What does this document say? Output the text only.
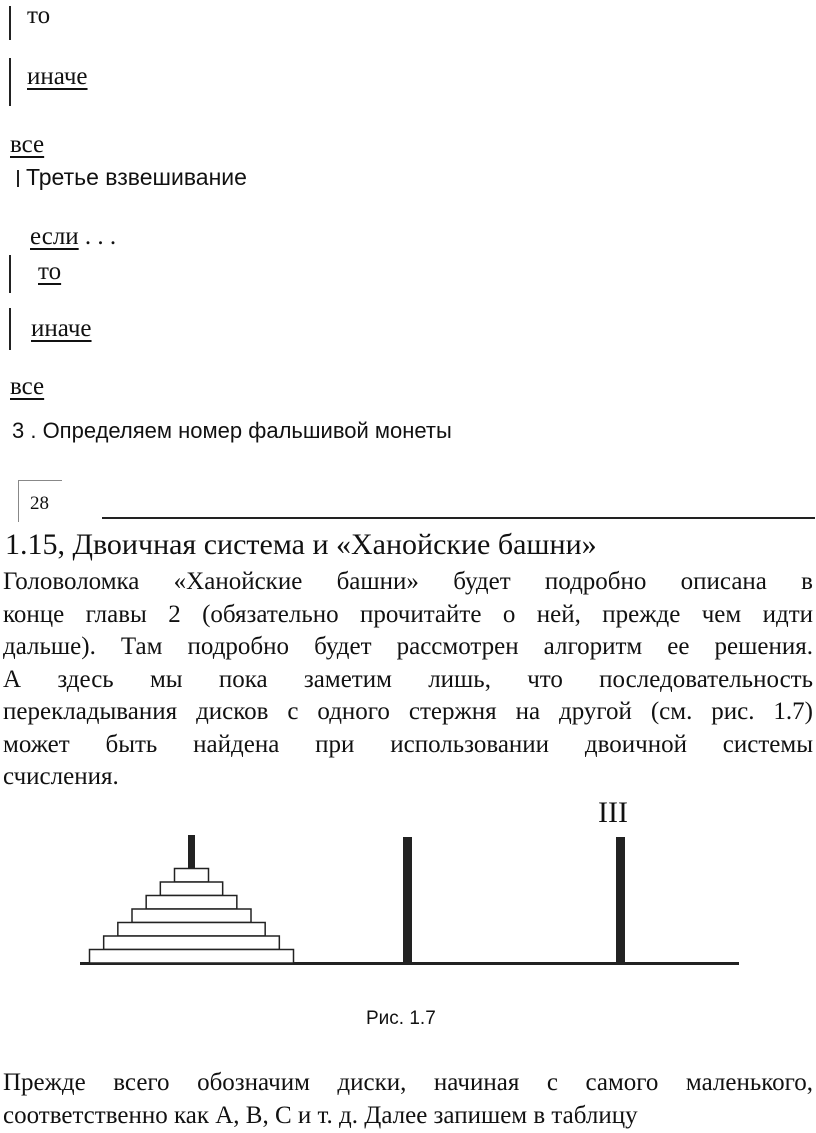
то
иначе
все
Третье взвешивание
если . . .
то
иначе
все
3 . Определяем номер фальшивой монеты
28
1.15, Двоичная система и «Ханойские башни»
Головоломка «Ханойские башни» будет подробно описана в
конце главы 2 (обязательно прочитайте о ней, прежде чем идти
дальше). Там подробно будет рассмотрен алгоритм ее решения.
А здесь мы пока заметим лишь, что последовательность
перекладывания дисков с одного стержня на другой (см. рис. 1.7)
может быть найдена при использовании двоичной системы
счисления.
III
Рис. 1.7
Прежде всего обозначим диски, начиная с самого маленького,
соответственно как А, В, С и т. д. Далее запишем в таблицу
